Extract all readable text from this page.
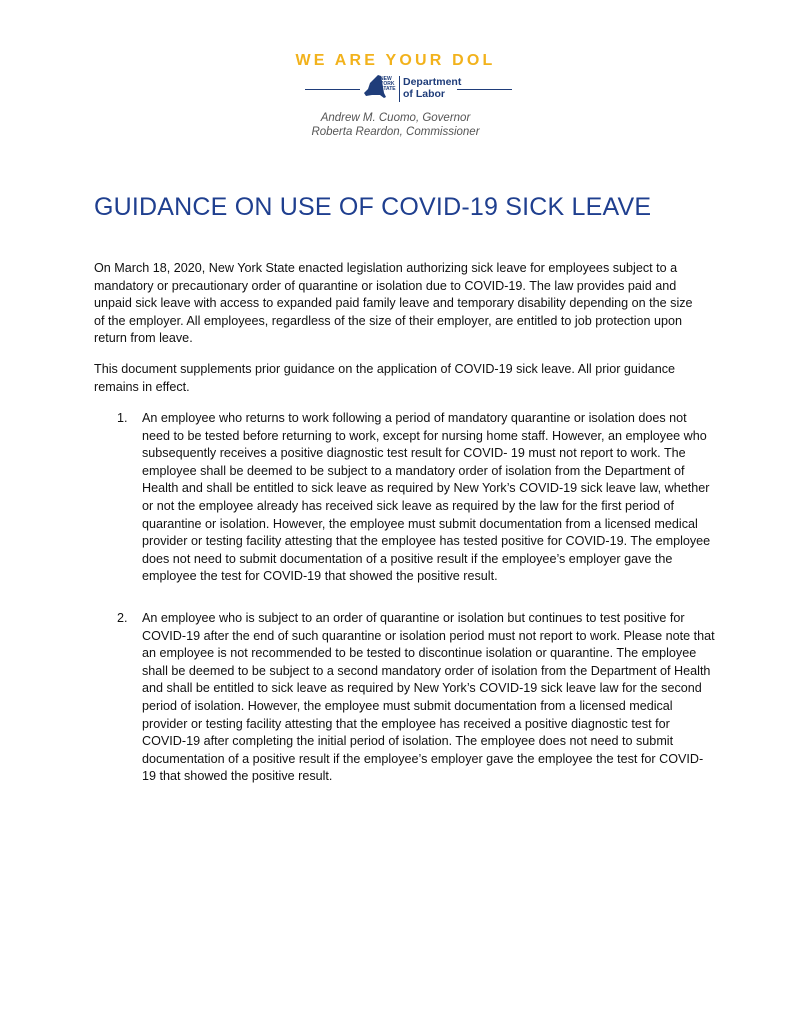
WE ARE YOUR DOL
NEW YORK STATE
Department
of Labor
Andrew M. Cuomo, Governor
Roberta Reardon, Commissioner
GUIDANCE ON USE OF COVID-19 SICK LEAVE

On March 18, 2020, New York State enacted legislation authorizing sick leave for employees subject to a mandatory or precautionary order of quarantine or isolation due to COVID-19. The law provides paid and unpaid sick leave with access to expanded paid family leave and temporary disability depending on the size of the employer. All employees, regardless of the size of their employer, are entitled to job protection upon return from leave.

This document supplements prior guidance on the application of COVID-19 sick leave. All prior guidance remains in effect.

1. An employee who returns to work following a period of mandatory quarantine or isolation does not need to be tested before returning to work, except for nursing home staff. However, an employee who subsequently receives a positive diagnostic test result for COVID- 19 must not report to work. The employee shall be deemed to be subject to a mandatory order of isolation from the Department of Health and shall be entitled to sick leave as required by New York’s COVID-19 sick leave law, whether or not the employee already has received sick leave as required by the law for the first period of quarantine or isolation. However, the employee must submit documentation from a licensed medical provider or testing facility attesting that the employee has tested positive for COVID-19. The employee does not need to submit documentation of a positive result if the employee’s employer gave the employee the test for COVID-19 that showed the positive result.
2. An employee who is subject to an order of quarantine or isolation but continues to test positive for COVID-19 after the end of such quarantine or isolation period must not report to work. Please note that an employee is not recommended to be tested to discontinue isolation or quarantine. The employee shall be deemed to be subject to a second mandatory order of isolation from the Department of Health and shall be entitled to sick leave as required by New York’s COVID-19 sick leave law for the second period of isolation. However, the employee must submit documentation from a licensed medical provider or testing facility attesting that the employee has received a positive diagnostic test for COVID-19 after completing the initial period of isolation. The employee does not need to submit documentation of a positive result if the employee’s employer gave the employee the test for COVID-19 that showed the positive result.
